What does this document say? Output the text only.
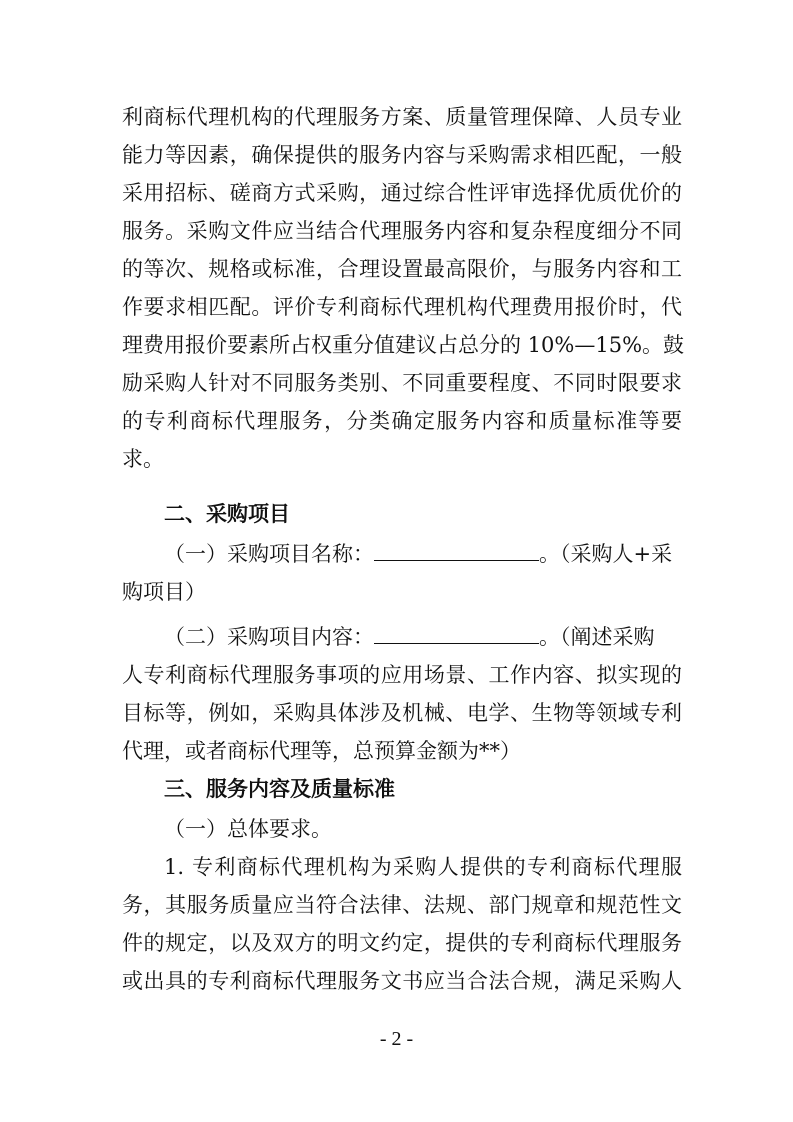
利商标代理机构的代理服务方案、质量管理保障、人员专业
能力等因素，确保提供的服务内容与采购需求相匹配，一般
采用招标、磋商方式采购，通过综合性评审选择优质优价的
服务。采购文件应当结合代理服务内容和复杂程度细分不同
的等次、规格或标准，合理设置最高限价，与服务内容和工
作要求相匹配。评价专利商标代理机构代理费用报价时，代
理费用报价要素所占权重分值建议占总分的 10%—15%。鼓
励采购人针对不同服务类别、不同重要程度、不同时限要求
的专利商标代理服务，分类确定服务内容和质量标准等要
求。
二、采购项目
（一）采购项目名称：	。（采购人+采
购项目）
（二）采购项目内容：	。（阐述采购
人专利商标代理服务事项的应用场景、工作内容、拟实现的
目标等，例如，采购具体涉及机械、电学、生物等领域专利
代理，或者商标代理等，总预算金额为**）
三、服务内容及质量标准
（一）总体要求。
1. 专利商标代理机构为采购人提供的专利商标代理服
务，其服务质量应当符合法律、法规、部门规章和规范性文
件的规定，以及双方的明文约定，提供的专利商标代理服务
或出具的专利商标代理服务文书应当合法合规，满足采购人
- 2 -
